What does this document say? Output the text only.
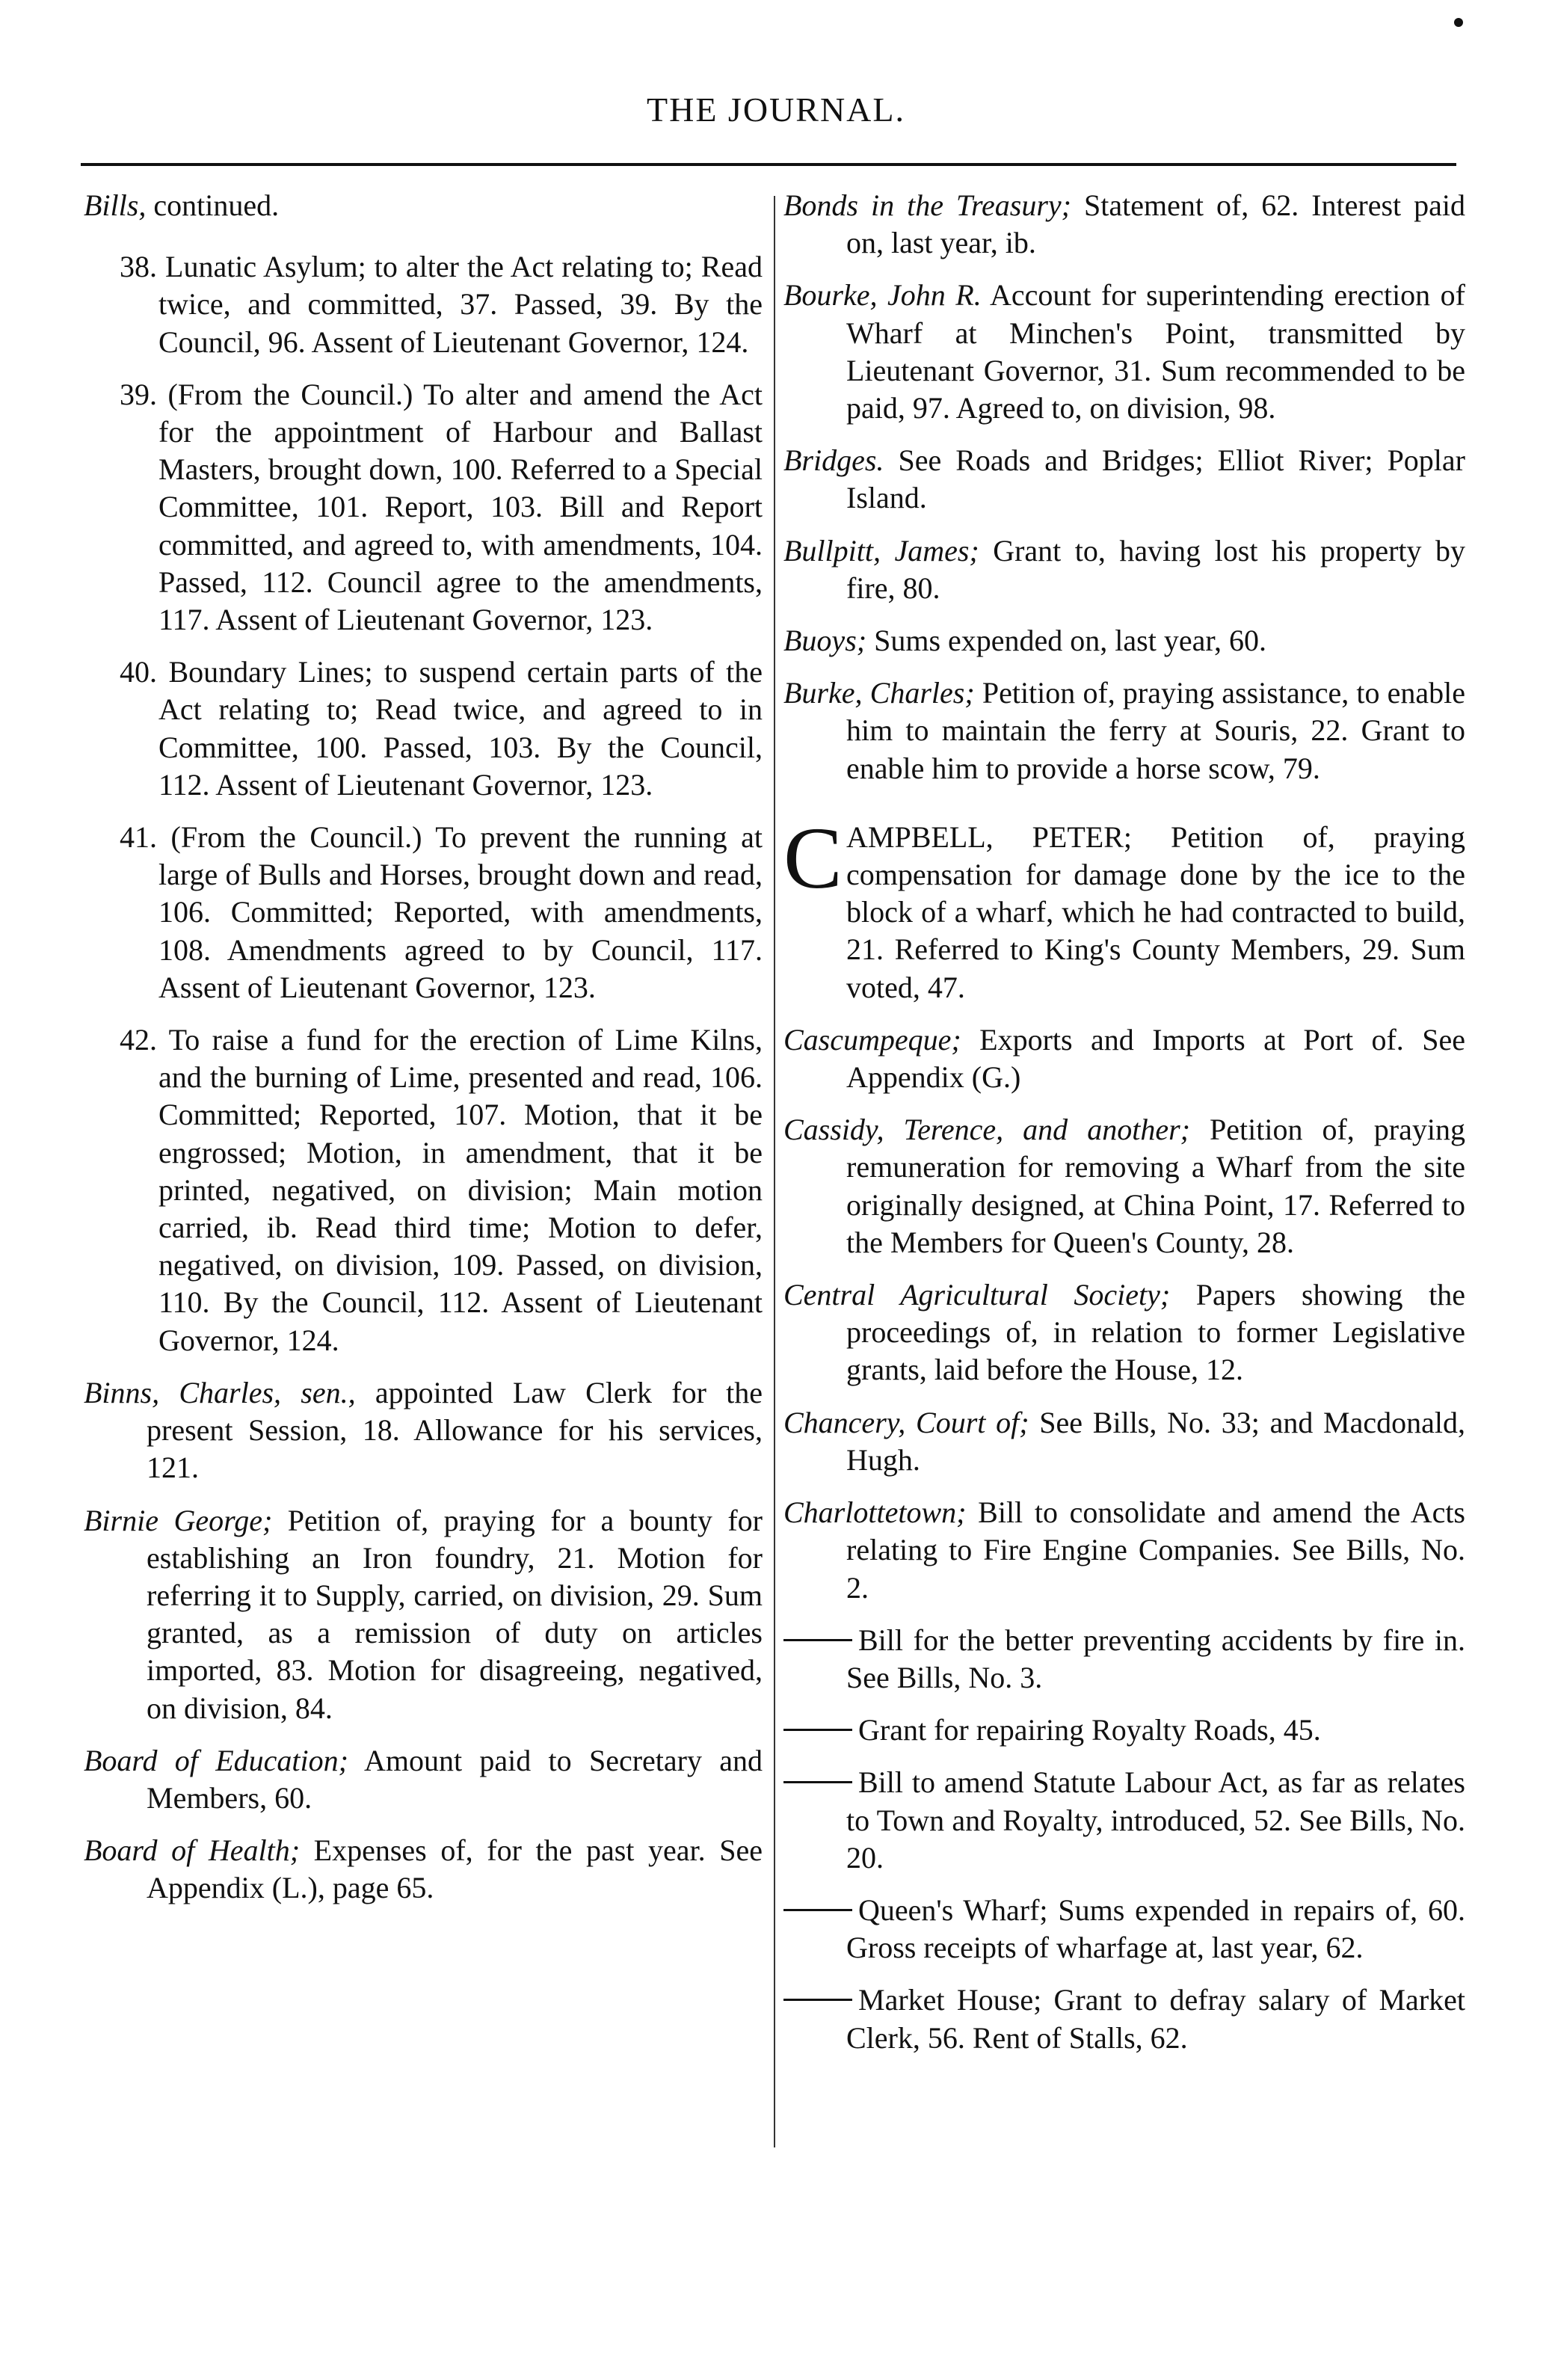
THE JOURNAL.
Bills, continued.
38. Lunatic Asylum; to alter the Act relating to; Read twice, and committed, 37. Passed, 39. By the Council, 96. Assent of Lieutenant Governor, 124.
39. (From the Council.) To alter and amend the Act for the appointment of Harbour and Ballast Masters, brought down, 100. Referred to a Special Committee, 101. Report, 103. Bill and Report committed, and agreed to, with amendments, 104. Passed, 112. Council agree to the amendments, 117. Assent of Lieutenant Governor, 123.
40. Boundary Lines; to suspend certain parts of the Act relating to; Read twice, and agreed to in Committee, 100. Passed, 103. By the Council, 112. Assent of Lieutenant Governor, 123.
41. (From the Council.) To prevent the running at large of Bulls and Horses, brought down and read, 106. Committed; Reported, with amendments, 108. Amendments agreed to by Council, 117. Assent of Lieutenant Governor, 123.
42. To raise a fund for the erection of Lime Kilns, and the burning of Lime, presented and read, 106. Committed; Reported, 107. Motion, that it be engrossed; Motion, in amendment, that it be printed, negatived, on division; Main motion carried, ib. Read third time; Motion to defer, negatived, on division, 109. Passed, on division, 110. By the Council, 112. Assent of Lieutenant Governor, 124.
Binns, Charles, sen., appointed Law Clerk for the present Session, 18. Allowance for his services, 121.
Birnie George; Petition of, praying for a bounty for establishing an Iron foundry, 21. Motion for referring it to Supply, carried, on division, 29. Sum granted, as a remission of duty on articles imported, 83. Motion for disagreeing, negatived, on division, 84.
Board of Education; Amount paid to Secretary and Members, 60.
Board of Health; Expenses of, for the past year. See Appendix (L.), page 65.
Bonds in the Treasury; Statement of, 62. Interest paid on, last year, ib.
Bourke, John R. Account for superintending erection of Wharf at Minchen's Point, transmitted by Lieutenant Governor, 31. Sum recommended to be paid, 97. Agreed to, on division, 98.
Bridges. See Roads and Bridges; Elliot River; Poplar Island.
Bullpitt, James; Grant to, having lost his property by fire, 80.
Buoys; Sums expended on, last year, 60.
Burke, Charles; Petition of, praying assistance, to enable him to maintain the ferry at Souris, 22. Grant to enable him to provide a horse scow, 79.
C AMPBELL, PETER; Petition of, praying compensation for damage done by the ice to the block of a wharf, which he had contracted to build, 21. Referred to King's County Members, 29. Sum voted, 47.
Cascumpeque; Exports and Imports at Port of. See Appendix (G.)
Cassidy, Terence, and another; Petition of, praying remuneration for removing a Wharf from the site originally designed, at China Point, 17. Referred to the Members for Queen's County, 28.
Central Agricultural Society; Papers showing the proceedings of, in relation to former Legislative grants, laid before the House, 12.
Chancery, Court of; See Bills, No. 33; and Macdonald, Hugh.
Charlottetown; Bill to consolidate and amend the Acts relating to Fire Engine Companies. See Bills, No. 2.
Bill for the better preventing accidents by fire in. See Bills, No. 3.
Grant for repairing Royalty Roads, 45.
Bill to amend Statute Labour Act, as far as relates to Town and Royalty, introduced, 52. See Bills, No. 20.
Queen's Wharf; Sums expended in repairs of, 60. Gross receipts of wharfage at, last year, 62.
Market House; Grant to defray salary of Market Clerk, 56. Rent of Stalls, 62.
